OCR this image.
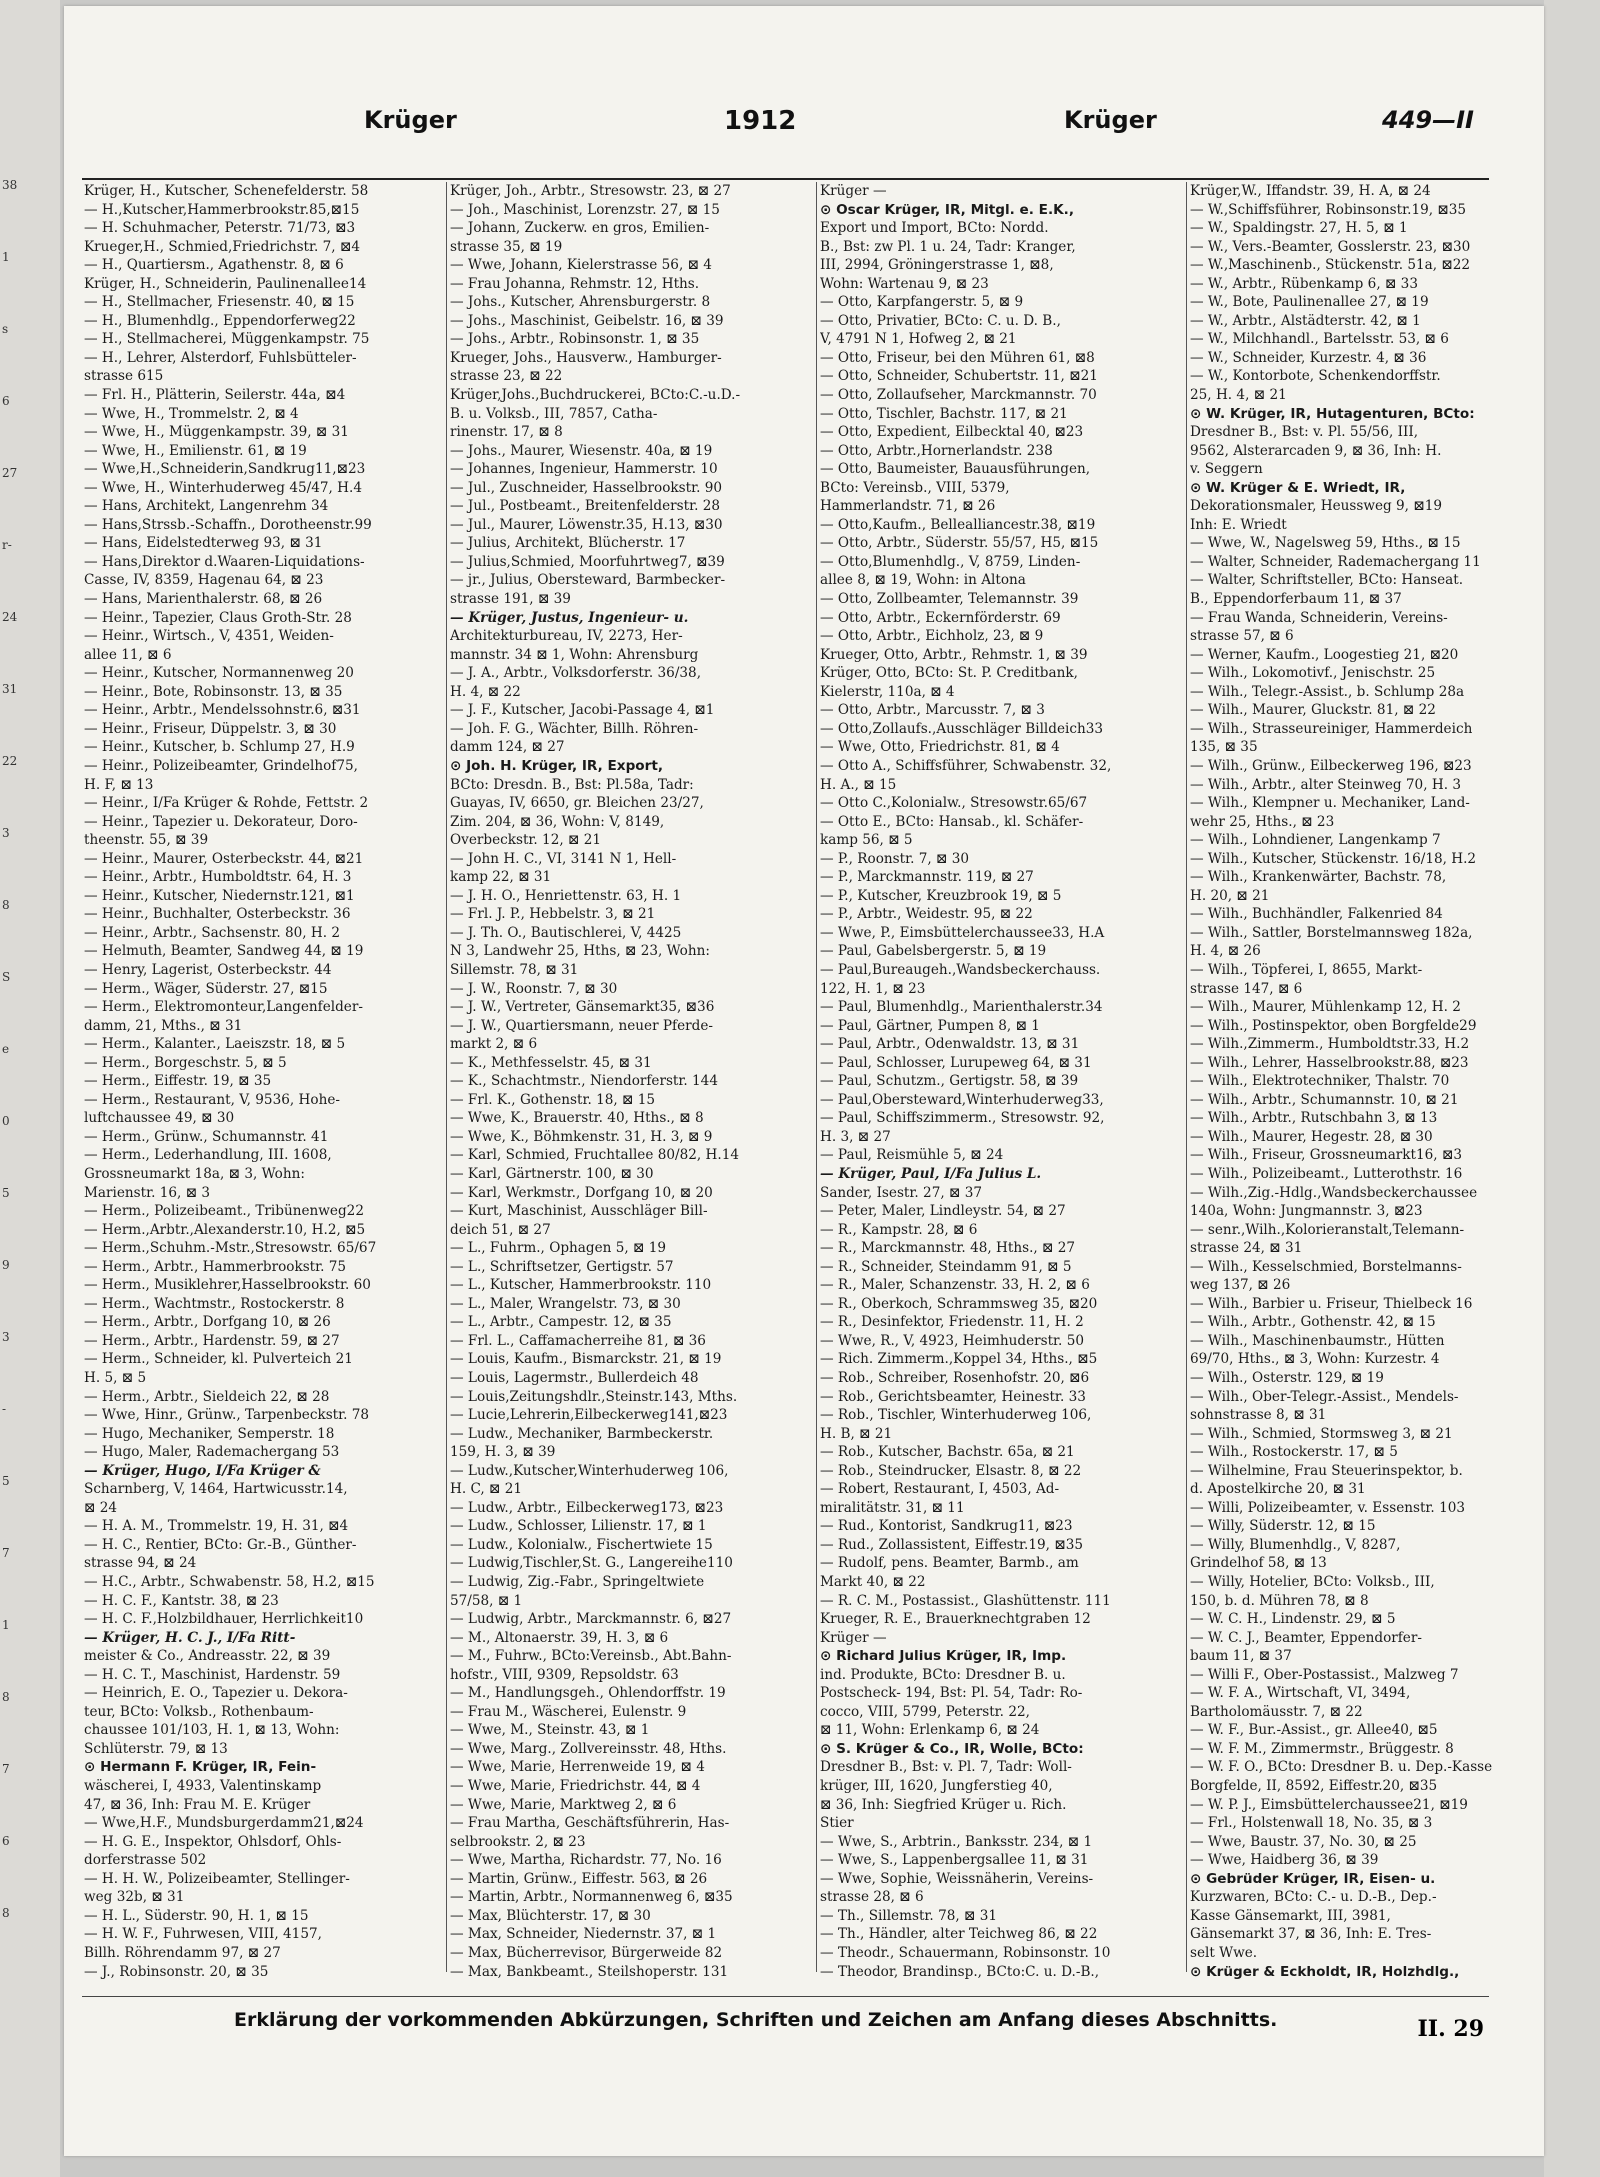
38
1
s
6
27
r-
24
31
22
3
8
S
e
0
5
9
3
-
5
7
1
8
7
6
8
Krüger	1912	Krüger	449—II
Krüger, H., Kutscher, Schenefelderstr. 58
— H.,Kutscher,Hammerbrookstr.85,⊠15
— H. Schuhmacher, Peterstr. 71/73, ⊠3
Krueger,H., Schmied,Friedrichstr. 7, ⊠4
— H., Quartiersm., Agathenstr. 8, ⊠ 6
Krüger, H., Schneiderin, Paulinenallee14
— H., Stellmacher, Friesenstr. 40, ⊠ 15
— H., Blumenhdlg., Eppendorferweg22
— H., Stellmacherei, Müggenkampstr. 75
— H., Lehrer, Alsterdorf, Fuhlsbütteler-
strasse 615
— Frl. H., Plätterin, Seilerstr. 44a, ⊠4
— Wwe, H., Trommelstr. 2, ⊠ 4
— Wwe, H., Müggenkampstr. 39, ⊠ 31
— Wwe, H., Emilienstr. 61, ⊠ 19
— Wwe,H.,Schneiderin,Sandkrug11,⊠23
— Wwe, H., Winterhuderweg 45/47, H.4
— Hans, Architekt, Langenrehm 34
— Hans,Strssb.-Schaffn., Dorotheenstr.99
— Hans, Eidelstedterweg 93, ⊠ 31
— Hans,Direktor d.Waaren-Liquidations-
Casse, IV, 8359, Hagenau 64, ⊠ 23
— Hans, Marienthalerstr. 68, ⊠ 26
— Heinr., Tapezier, Claus Groth-Str. 28
— Heinr., Wirtsch., V, 4351, Weiden-
allee 11, ⊠ 6
— Heinr., Kutscher, Normannenweg 20
— Heinr., Bote, Robinsonstr. 13, ⊠ 35
— Heinr., Arbtr., Mendelssohnstr.6, ⊠31
— Heinr., Friseur, Düppelstr. 3, ⊠ 30
— Heinr., Kutscher, b. Schlump 27, H.9
— Heinr., Polizeibeamter, Grindelhof75,
H. F, ⊠ 13
— Heinr., I/Fa Krüger & Rohde, Fettstr. 2
— Heinr., Tapezier u. Dekorateur, Doro-
theenstr. 55, ⊠ 39
— Heinr., Maurer, Osterbeckstr. 44, ⊠21
— Heinr., Arbtr., Humboldtstr. 64, H. 3
— Heinr., Kutscher, Niedernstr.121, ⊠1
— Heinr., Buchhalter, Osterbeckstr. 36
— Heinr., Arbtr., Sachsenstr. 80, H. 2
— Helmuth, Beamter, Sandweg 44, ⊠ 19
— Henry, Lagerist, Osterbeckstr. 44
— Herm., Wäger, Süderstr. 27, ⊠15
— Herm., Elektromonteur,Langenfelder-
damm, 21, Mths., ⊠ 31
— Herm., Kalanter., Laeiszstr. 18, ⊠ 5
— Herm., Borgeschstr. 5, ⊠ 5
— Herm., Eiffestr. 19, ⊠ 35
— Herm., Restaurant, V, 9536, Hohe-
luftchaussee 49, ⊠ 30
— Herm., Grünw., Schumannstr. 41
— Herm., Lederhandlung, III. 1608,
Grossneumarkt 18a, ⊠ 3, Wohn:
Marienstr. 16, ⊠ 3
— Herm., Polizeibeamt., Tribünenweg22
— Herm.,Arbtr.,Alexanderstr.10, H.2, ⊠5
— Herm.,Schuhm.-Mstr.,Stresowstr. 65/67
— Herm., Arbtr., Hammerbrookstr. 75
— Herm., Musiklehrer,Hasselbrookstr. 60
— Herm., Wachtmstr., Rostockerstr. 8
— Herm., Arbtr., Dorfgang 10, ⊠ 26
— Herm., Arbtr., Hardenstr. 59, ⊠ 27
— Herm., Schneider, kl. Pulverteich 21
H. 5, ⊠ 5
— Herm., Arbtr., Sieldeich 22, ⊠ 28
— Wwe, Hinr., Grünw., Tarpenbeckstr. 78
— Hugo, Mechaniker, Semperstr. 18
— Hugo, Maler, Rademachergang 53
— Krüger, Hugo, I/Fa Krüger &
Scharnberg, V, 1464, Hartwicusstr.14,
⊠ 24
— H. A. M., Trommelstr. 19, H. 31, ⊠4
— H. C., Rentier, BCto: Gr.-B., Günther-
strasse 94, ⊠ 24
— H.C., Arbtr., Schwabenstr. 58, H.2, ⊠15
— H. C. F., Kantstr. 38, ⊠ 23
— H. C. F.,Holzbildhauer, Herrlichkeit10
— Krüger, H. C. J., I/Fa Ritt-
meister & Co., Andreasstr. 22, ⊠ 39
— H. C. T., Maschinist, Hardenstr. 59
— Heinrich, E. O., Tapezier u. Dekora-
teur, BCto: Volksb., Rothenbaum-
chaussee 101/103, H. 1, ⊠ 13, Wohn:
Schlüterstr. 79, ⊠ 13
⊙ Hermann F. Krüger, IR, Fein-
wäscherei, I, 4933, Valentinskamp
47, ⊠ 36, Inh: Frau M. E. Krüger
— Wwe,H.F., Mundsburgerdamm21,⊠24
— H. G. E., Inspektor, Ohlsdorf, Ohls-
dorferstrasse 502
— H. H. W., Polizeibeamter, Stellinger-
weg 32b, ⊠ 31
— H. L., Süderstr. 90, H. 1, ⊠ 15
— H. W. F., Fuhrwesen, VIII, 4157,
Billh. Röhrendamm 97, ⊠ 27
— J., Robinsonstr. 20, ⊠ 35
Krüger, Joh., Arbtr., Stresowstr. 23, ⊠ 27
— Joh., Maschinist, Lorenzstr. 27, ⊠ 15
— Johann, Zuckerw. en gros, Emilien-
strasse 35, ⊠ 19
— Wwe, Johann, Kielerstrasse 56, ⊠ 4
— Frau Johanna, Rehmstr. 12, Hths.
— Johs., Kutscher, Ahrensburgerstr. 8
— Johs., Maschinist, Geibelstr. 16, ⊠ 39
— Johs., Arbtr., Robinsonstr. 1, ⊠ 35
Krueger, Johs., Hausverw., Hamburger-
strasse 23, ⊠ 22
Krüger,Johs.,Buchdruckerei, BCto:C.-u.D.-
B. u. Volksb., III, 7857, Catha-
rinenstr. 17, ⊠ 8
— Johs., Maurer, Wiesenstr. 40a, ⊠ 19
— Johannes, Ingenieur, Hammerstr. 10
— Jul., Zuschneider, Hasselbrookstr. 90
— Jul., Postbeamt., Breitenfelderstr. 28
— Jul., Maurer, Löwenstr.35, H.13, ⊠30
— Julius, Architekt, Blücherstr. 17
— Julius,Schmied, Moorfuhrtweg7, ⊠39
— jr., Julius, Obersteward, Barmbecker-
strasse 191, ⊠ 39
— Krüger, Justus, Ingenieur- u.
Architekturbureau, IV, 2273, Her-
mannstr. 34 ⊠ 1, Wohn: Ahrensburg
— J. A., Arbtr., Volksdorferstr. 36/38,
H. 4, ⊠ 22
— J. F., Kutscher, Jacobi-Passage 4, ⊠1
— Joh. F. G., Wächter, Billh. Röhren-
damm 124, ⊠ 27
⊙ Joh. H. Krüger, IR, Export,
BCto: Dresdn. B., Bst: Pl.58a, Tadr:
Guayas, IV, 6650, gr. Bleichen 23/27,
Zim. 204, ⊠ 36, Wohn: V, 8149,
Overbeckstr. 12, ⊠ 21
— John H. C., VI, 3141 N 1, Hell-
kamp 22, ⊠ 31
— J. H. O., Henriettenstr. 63, H. 1
— Frl. J. P., Hebbelstr. 3, ⊠ 21
— J. Th. O., Bautischlerei, V, 4425
N 3, Landwehr 25, Hths, ⊠ 23, Wohn:
Sillemstr. 78, ⊠ 31
— J. W., Roonstr. 7, ⊠ 30
— J. W., Vertreter, Gänsemarkt35, ⊠36
— J. W., Quartiersmann, neuer Pferde-
markt 2, ⊠ 6
— K., Methfesselstr. 45, ⊠ 31
— K., Schachtmstr., Niendorferstr. 144
— Frl. K., Gothenstr. 18, ⊠ 15
— Wwe, K., Brauerstr. 40, Hths., ⊠ 8
— Wwe, K., Böhmkenstr. 31, H. 3, ⊠ 9
— Karl, Schmied, Fruchtallee 80/82, H.14
— Karl, Gärtnerstr. 100, ⊠ 30
— Karl, Werkmstr., Dorfgang 10, ⊠ 20
— Kurt, Maschinist, Ausschläger Bill-
deich 51, ⊠ 27
— L., Fuhrm., Ophagen 5, ⊠ 19
— L., Schriftsetzer, Gertigstr. 57
— L., Kutscher, Hammerbrookstr. 110
— L., Maler, Wrangelstr. 73, ⊠ 30
— L., Arbtr., Campestr. 12, ⊠ 35
— Frl. L., Caffamacherreihe 81, ⊠ 36
— Louis, Kaufm., Bismarckstr. 21, ⊠ 19
— Louis, Lagermstr., Bullerdeich 48
— Louis,Zeitungshdlr.,Steinstr.143, Mths.
— Lucie,Lehrerin,Eilbeckerweg141,⊠23
— Ludw., Mechaniker, Barmbeckerstr.
159, H. 3, ⊠ 39
— Ludw.,Kutscher,Winterhuderweg 106,
H. C, ⊠ 21
— Ludw., Arbtr., Eilbeckerweg173, ⊠23
— Ludw., Schlosser, Lilienstr. 17, ⊠ 1
— Ludw., Kolonialw., Fischertwiete 15
— Ludwig,Tischler,St. G., Langereihe110
— Ludwig, Zig.-Fabr., Springeltwiete
57/58, ⊠ 1
— Ludwig, Arbtr., Marckmannstr. 6, ⊠27
— M., Altonaerstr. 39, H. 3, ⊠ 6
— M., Fuhrw., BCto:Vereinsb., Abt.Bahn-
hofstr., VIII, 9309, Repsoldstr. 63
— M., Handlungsgeh., Ohlendorffstr. 19
— Frau M., Wäscherei, Eulenstr. 9
— Wwe, M., Steinstr. 43, ⊠ 1
— Wwe, Marg., Zollvereinsstr. 48, Hths.
— Wwe, Marie, Herrenweide 19, ⊠ 4
— Wwe, Marie, Friedrichstr. 44, ⊠ 4
— Wwe, Marie, Marktweg 2, ⊠ 6
— Frau Martha, Geschäftsführerin, Has-
selbrookstr. 2, ⊠ 23
— Wwe, Martha, Richardstr. 77, No. 16
— Martin, Grünw., Eiffestr. 563, ⊠ 26
— Martin, Arbtr., Normannenweg 6, ⊠35
— Max, Blüchterstr. 17, ⊠ 30
— Max, Schneider, Niedernstr. 37, ⊠ 1
— Max, Bücherrevisor, Bürgerweide 82
— Max, Bankbeamt., Steilshoperstr. 131
Krüger —
⊙ Oscar Krüger, IR, Mitgl. e. E.K.,
Export und Import, BCto: Nordd.
B., Bst: zw Pl. 1 u. 24, Tadr: Kranger,
III, 2994, Gröningerstrasse 1, ⊠8,
Wohn: Wartenau 9, ⊠ 23
— Otto, Karpfangerstr. 5, ⊠ 9
— Otto, Privatier, BCto: C. u. D. B.,
V, 4791 N 1, Hofweg 2, ⊠ 21
— Otto, Friseur, bei den Mühren 61, ⊠8
— Otto, Schneider, Schubertstr. 11, ⊠21
— Otto, Zollaufseher, Marckmannstr. 70
— Otto, Tischler, Bachstr. 117, ⊠ 21
— Otto, Expedient, Eilbecktal 40, ⊠23
— Otto, Arbtr.,Hornerlandstr. 238
— Otto, Baumeister, Bauausführungen,
BCto: Vereinsb., VIII, 5379,
Hammerlandstr. 71, ⊠ 26
— Otto,Kaufm., Bellealliancestr.38, ⊠19
— Otto, Arbtr., Süderstr. 55/57, H5, ⊠15
— Otto,Blumenhdlg., V, 8759, Linden-
allee 8, ⊠ 19, Wohn: in Altona
— Otto, Zollbeamter, Telemannstr. 39
— Otto, Arbtr., Eckernförderstr. 69
— Otto, Arbtr., Eichholz, 23, ⊠ 9
Krueger, Otto, Arbtr., Rehmstr. 1, ⊠ 39
Krüger, Otto, BCto: St. P. Creditbank,
Kielerstr, 110a, ⊠ 4
— Otto, Arbtr., Marcusstr. 7, ⊠ 3
— Otto,Zollaufs.,Ausschläger Billdeich33
— Wwe, Otto, Friedrichstr. 81, ⊠ 4
— Otto A., Schiffsführer, Schwabenstr. 32,
H. A., ⊠ 15
— Otto C.,Kolonialw., Stresowstr.65/67
— Otto E., BCto: Hansab., kl. Schäfer-
kamp 56, ⊠ 5
— P., Roonstr. 7, ⊠ 30
— P., Marckmannstr. 119, ⊠ 27
— P., Kutscher, Kreuzbrook 19, ⊠ 5
— P., Arbtr., Weidestr. 95, ⊠ 22
— Wwe, P., Eimsbüttelerchaussee33, H.A
— Paul, Gabelsbergerstr. 5, ⊠ 19
— Paul,Bureaugeh.,Wandsbeckerchauss.
122, H. 1, ⊠ 23
— Paul, Blumenhdlg., Marienthalerstr.34
— Paul, Gärtner, Pumpen 8, ⊠ 1
— Paul, Arbtr., Odenwaldstr. 13, ⊠ 31
— Paul, Schlosser, Lurupeweg 64, ⊠ 31
— Paul, Schutzm., Gertigstr. 58, ⊠ 39
— Paul,Obersteward,Winterhuderweg33,
— Paul, Schiffszimmerm., Stresowstr. 92,
H. 3, ⊠ 27
— Paul, Reismühle 5, ⊠ 24
— Krüger, Paul, I/Fa Julius L.
Sander, Isestr. 27, ⊠ 37
— Peter, Maler, Lindleystr. 54, ⊠ 27
— R., Kampstr. 28, ⊠ 6
— R., Marckmannstr. 48, Hths., ⊠ 27
— R., Schneider, Steindamm 91, ⊠ 5
— R., Maler, Schanzenstr. 33, H. 2, ⊠ 6
— R., Oberkoch, Schrammsweg 35, ⊠20
— R., Desinfektor, Friedenstr. 11, H. 2
— Wwe, R., V, 4923, Heimhuderstr. 50
— Rich. Zimmerm.,Koppel 34, Hths., ⊠5
— Rob., Schreiber, Rosenhofstr. 20, ⊠6
— Rob., Gerichtsbeamter, Heinestr. 33
— Rob., Tischler, Winterhuderweg 106,
H. B, ⊠ 21
— Rob., Kutscher, Bachstr. 65a, ⊠ 21
— Rob., Steindrucker, Elsastr. 8, ⊠ 22
— Robert, Restaurant, I, 4503, Ad-
miralitätstr. 31, ⊠ 11
— Rud., Kontorist, Sandkrug11, ⊠23
— Rud., Zollassistent, Eiffestr.19, ⊠35
— Rudolf, pens. Beamter, Barmb., am
Markt 40, ⊠ 22
— R. C. M., Postassist., Glashüttenstr. 111
Krueger, R. E., Brauerknechtgraben 12
Krüger —
⊙ Richard Julius Krüger, IR, Imp.
ind. Produkte, BCto: Dresdner B. u.
Postscheck- 194, Bst: Pl. 54, Tadr: Ro-
cocco, VIII, 5799, Peterstr. 22,
⊠ 11, Wohn: Erlenkamp 6, ⊠ 24
⊙ S. Krüger & Co., IR, Wolle, BCto:
Dresdner B., Bst: v. Pl. 7, Tadr: Woll-
krüger, III, 1620, Jungferstieg 40,
⊠ 36, Inh: Siegfried Krüger u. Rich.
Stier
— Wwe, S., Arbtrin., Banksstr. 234, ⊠ 1
— Wwe, S., Lappenbergsallee 11, ⊠ 31
— Wwe, Sophie, Weissnäherin, Vereins-
strasse 28, ⊠ 6
— Th., Sillemstr. 78, ⊠ 31
— Th., Händler, alter Teichweg 86, ⊠ 22
— Theodr., Schauermann, Robinsonstr. 10
— Theodor, Brandinsp., BCto:C. u. D.-B.,
Krüger,W., Iffandstr. 39, H. A, ⊠ 24
— W.,Schiffsführer, Robinsonstr.19, ⊠35
— W., Spaldingstr. 27, H. 5, ⊠ 1
— W., Vers.-Beamter, Gosslerstr. 23, ⊠30
— W.,Maschinenb., Stückenstr. 51a, ⊠22
— W., Arbtr., Rübenkamp 6, ⊠ 33
— W., Bote, Paulinenallee 27, ⊠ 19
— W., Arbtr., Alstädterstr. 42, ⊠ 1
— W., Milchhandl., Bartelsstr. 53, ⊠ 6
— W., Schneider, Kurzestr. 4, ⊠ 36
— W., Kontorbote, Schenkendorffstr.
25, H. 4, ⊠ 21
⊙ W. Krüger, IR, Hutagenturen, BCto:
Dresdner B., Bst: v. Pl. 55/56, III,
9562, Alsterarcaden 9, ⊠ 36, Inh: H.
v. Seggern
⊙ W. Krüger & E. Wriedt, IR,
Dekorationsmaler, Heussweg 9, ⊠19
Inh: E. Wriedt
— Wwe, W., Nagelsweg 59, Hths., ⊠ 15
— Walter, Schneider, Rademachergang 11
— Walter, Schriftsteller, BCto: Hanseat.
B., Eppendorferbaum 11, ⊠ 37
— Frau Wanda, Schneiderin, Vereins-
strasse 57, ⊠ 6
— Werner, Kaufm., Loogestieg 21, ⊠20
— Wilh., Lokomotivf., Jenischstr. 25
— Wilh., Telegr.-Assist., b. Schlump 28a
— Wilh., Maurer, Gluckstr. 81, ⊠ 22
— Wilh., Strasseureiniger, Hammerdeich
135, ⊠ 35
— Wilh., Grünw., Eilbeckerweg 196, ⊠23
— Wilh., Arbtr., alter Steinweg 70, H. 3
— Wilh., Klempner u. Mechaniker, Land-
wehr 25, Hths., ⊠ 23
— Wilh., Lohndiener, Langenkamp 7
— Wilh., Kutscher, Stückenstr. 16/18, H.2
— Wilh., Krankenwärter, Bachstr. 78,
H. 20, ⊠ 21
— Wilh., Buchhändler, Falkenried 84
— Wilh., Sattler, Borstelmannsweg 182a,
H. 4, ⊠ 26
— Wilh., Töpferei, I, 8655, Markt-
strasse 147, ⊠ 6
— Wilh., Maurer, Mühlenkamp 12, H. 2
— Wilh., Postinspektor, oben Borgfelde29
— Wilh.,Zimmerm., Humboldtstr.33, H.2
— Wilh., Lehrer, Hasselbrookstr.88, ⊠23
— Wilh., Elektrotechniker, Thalstr. 70
— Wilh., Arbtr., Schumannstr. 10, ⊠ 21
— Wilh., Arbtr., Rutschbahn 3, ⊠ 13
— Wilh., Maurer, Hegestr. 28, ⊠ 30
— Wilh., Friseur, Grossneumarkt16, ⊠3
— Wilh., Polizeibeamt., Lutterothstr. 16
— Wilh.,Zig.-Hdlg.,Wandsbeckerchaussee
140a, Wohn: Jungmannstr. 3, ⊠23
— senr.,Wilh.,Kolorieranstalt,Telemann-
strasse 24, ⊠ 31
— Wilh., Kesselschmied, Borstelmanns-
weg 137, ⊠ 26
— Wilh., Barbier u. Friseur, Thielbeck 16
— Wilh., Arbtr., Gothenstr. 42, ⊠ 15
— Wilh., Maschinenbaumstr., Hütten
69/70, Hths., ⊠ 3, Wohn: Kurzestr. 4
— Wilh., Osterstr. 129, ⊠ 19
— Wilh., Ober-Telegr.-Assist., Mendels-
sohnstrasse 8, ⊠ 31
— Wilh., Schmied, Stormsweg 3, ⊠ 21
— Wilh., Rostockerstr. 17, ⊠ 5
— Wilhelmine, Frau Steuerinspektor, b.
d. Apostelkirche 20, ⊠ 31
— Willi, Polizeibeamter, v. Essenstr. 103
— Willy, Süderstr. 12, ⊠ 15
— Willy, Blumenhdlg., V, 8287,
Grindelhof 58, ⊠ 13
— Willy, Hotelier, BCto: Volksb., III,
150, b. d. Mühren 78, ⊠ 8
— W. C. H., Lindenstr. 29, ⊠ 5
— W. C. J., Beamter, Eppendorfer-
baum 11, ⊠ 37
— Willi F., Ober-Postassist., Malzweg 7
— W. F. A., Wirtschaft, VI, 3494,
Bartholomäusstr. 7, ⊠ 22
— W. F., Bur.-Assist., gr. Allee40, ⊠5
— W. F. M., Zimmermstr., Brüggestr. 8
— W. F. O., BCto: Dresdner B. u. Dep.-Kasse
Borgfelde, II, 8592, Eiffestr.20, ⊠35
— W. P. J., Eimsbüttelerchaussee21, ⊠19
— Frl., Holstenwall 18, No. 35, ⊠ 3
— Wwe, Baustr. 37, No. 30, ⊠ 25
— Wwe, Haidberg 36, ⊠ 39
⊙ Gebrüder Krüger, IR, Eisen- u.
Kurzwaren, BCto: C.- u. D.-B., Dep.-
Kasse Gänsemarkt, III, 3981,
Gänsemarkt 37, ⊠ 36, Inh: E. Tres-
selt Wwe.
⊙ Krüger & Eckholdt, IR, Holzhdlg.,
Erklärung der vorkommenden Abkürzungen, Schriften und Zeichen am Anfang dieses Abschnitts.	II. 29
